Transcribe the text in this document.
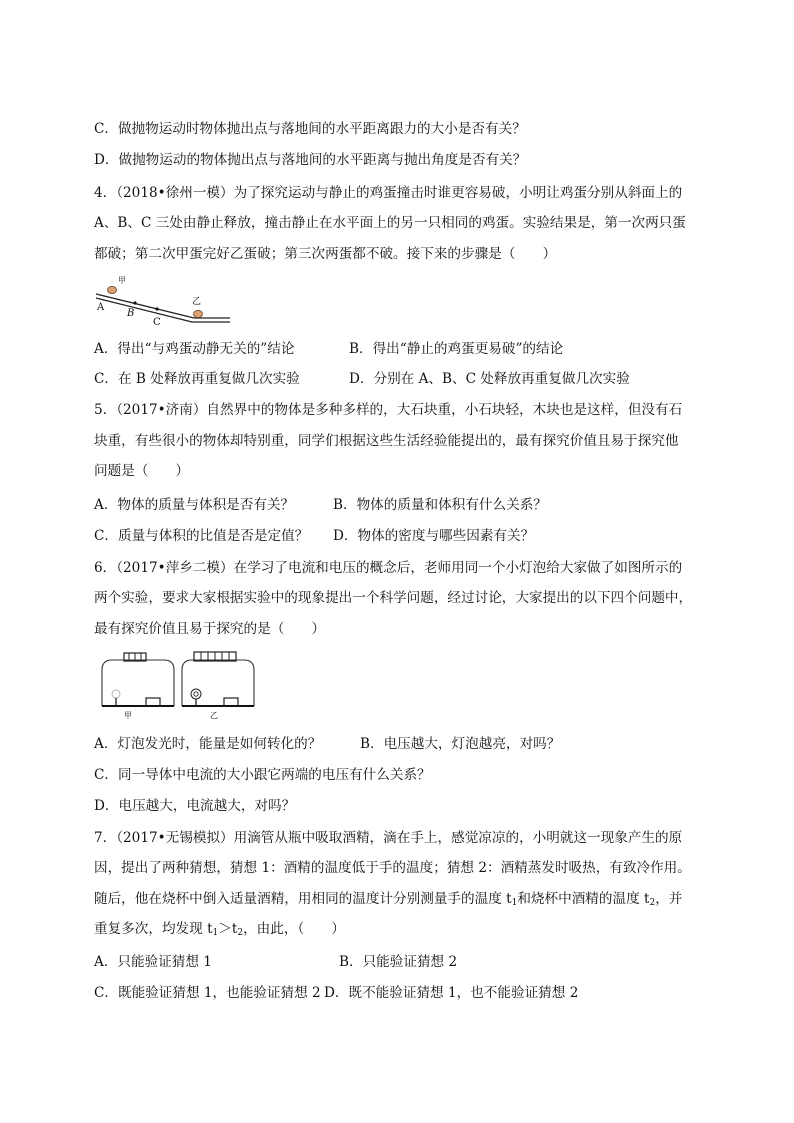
C．做抛物运动时物体抛出点与落地间的水平距离跟力的大小是否有关？
D．做抛物运动的物体抛出点与落地间的水平距离与抛出角度是否有关？
4．（2018•徐州一模）为了探究运动与静止的鸡蛋撞击时谁更容易破，小明让鸡蛋分别从斜面上的
A、B、C 三处由静止释放，撞击静止在水平面上的另一只相同的鸡蛋。实验结果是，第一次两只蛋
都破；第二次甲蛋完好乙蛋破；第三次两蛋都不破。接下来的步骤是（　　）
甲
乙
A
B
C
A．得出“与鸡蛋动静无关的”结论	B．得出“静止的鸡蛋更易破”的结论
C．在 B 处释放再重复做几次实验	D．分别在 A、B、C 处释放再重复做几次实验
5．（2017•济南）自然界中的物体是多种多样的，大石块重，小石块轻，木块也是这样，但没有石
块重，有些很小的物体却特别重，同学们根据这些生活经验能提出的，最有探究价值且易于探究他
问题是（　　）
A．物体的质量与体积是否有关？	B．物体的质量和体积有什么关系？
C．质量与体积的比值是否是定值？ D．物体的密度与哪些因素有关？
6．（2017•萍乡二模）在学习了电流和电压的概念后，老师用同一个小灯泡给大家做了如图所示的
两个实验，要求大家根据实验中的现象提出一个科学问题，经过讨论，大家提出的以下四个问题中，
最有探究价值且易于探究的是（　　）
甲	乙
A．灯泡发光时，能量是如何转化的？	B．电压越大，灯泡越亮，对吗？
C．同一导体中电流的大小跟它两端的电压有什么关系？
D．电压越大，电流越大，对吗？
7．（2017•无锡模拟）用滴管从瓶中吸取酒精，滴在手上，感觉凉凉的，小明就这一现象产生的原
因，提出了两种猜想，猜想 1：酒精的温度低于手的温度；猜想 2：酒精蒸发时吸热，有致冷作用。
随后，他在烧杯中倒入适量酒精，用相同的温度计分别测量手的温度 $t_1$和烧杯中酒精的温度 $t_2$，并
重复多次，均发现 $t_1>t_2$，由此，（　　）
A．只能验证猜想 1	B．只能验证猜想 2
C．既能验证猜想 1，也能验证猜想 2 D．既不能验证猜想 1，也不能验证猜想 2
